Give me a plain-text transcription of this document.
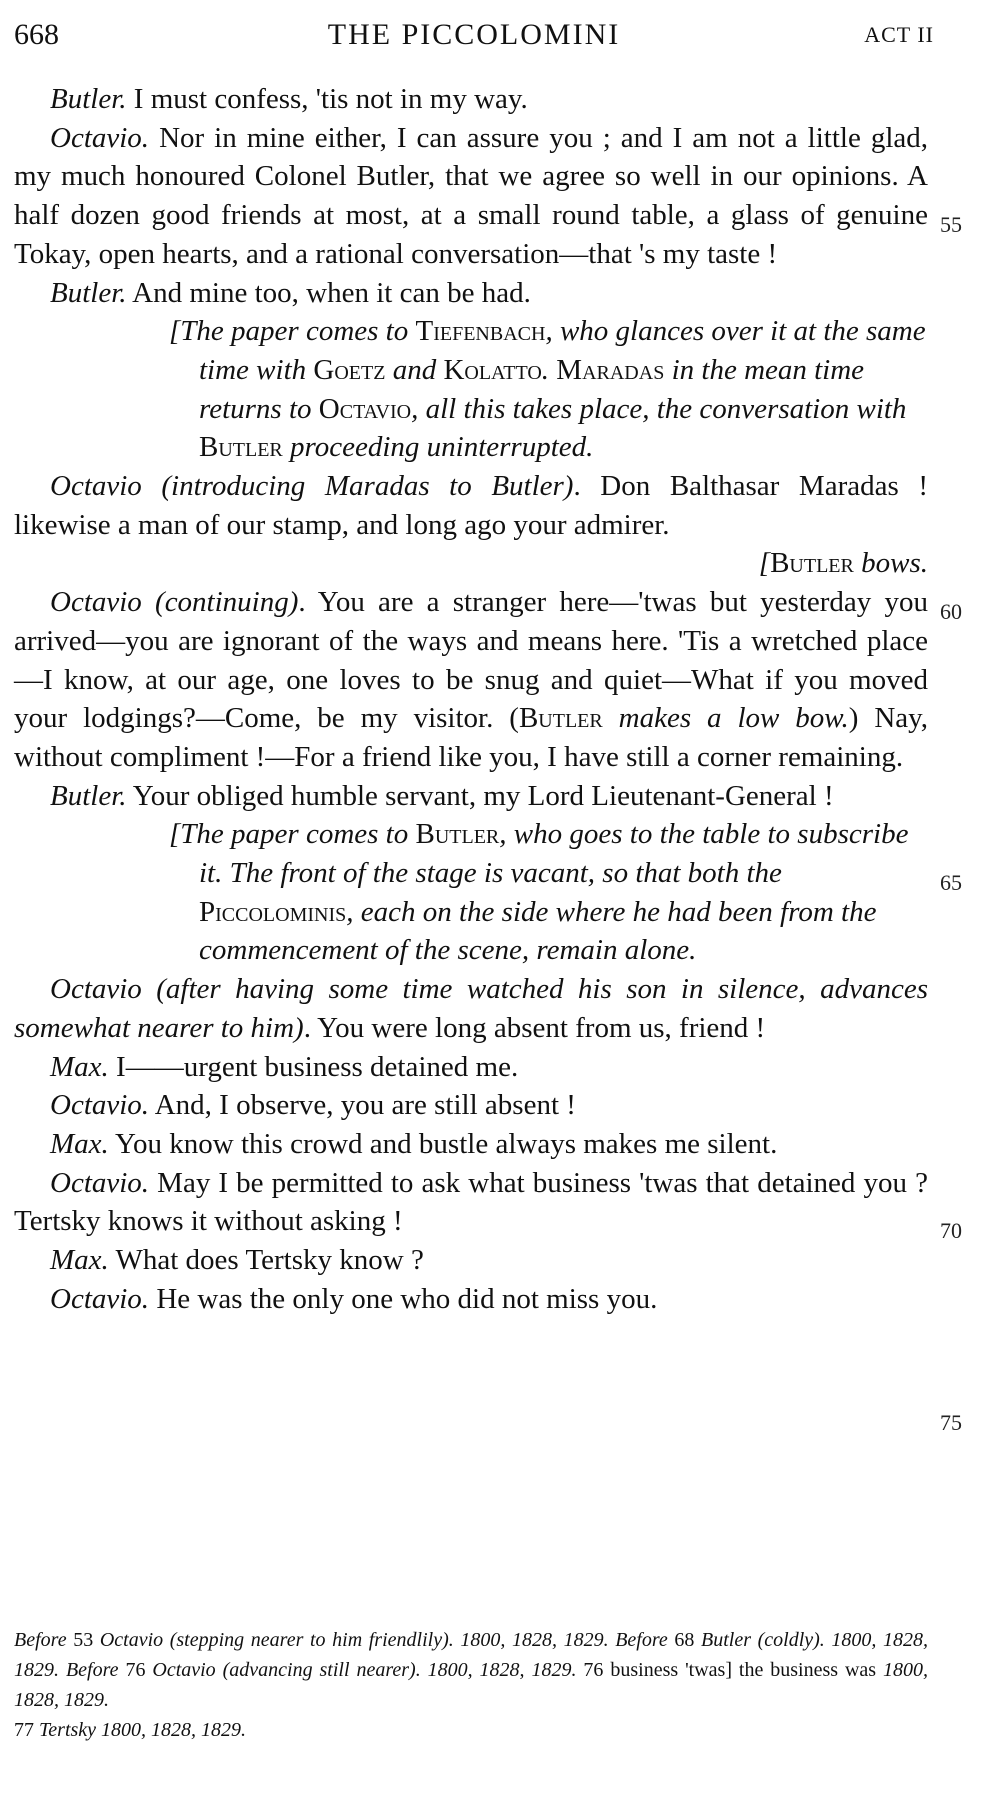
668	THE PICCOLOMINI	ACT II

Butler. I must confess, 'tis not in my way.

Octavio. Nor in mine either, I can assure you ; and I am not a little glad, my much honoured Colonel Butler, that we agree so well in our opinions. A half dozen good friends at most, at a small round table, a glass of genuine Tokay, open hearts, and a rational conversation—that 's my taste !

Butler. And mine too, when it can be had.

[The paper comes to Tiefenbach, who glances over it at the same time with Goetz and Kolatto. Maradas in the mean time returns to Octavio, all this takes place, the conversation with Butler proceeding uninterrupted.

Octavio (introducing Maradas to Butler). Don Balthasar Maradas ! likewise a man of our stamp, and long ago your admirer.

[Butler bows.

Octavio (continuing). You are a stranger here—'twas but yesterday you arrived—you are ignorant of the ways and means here. 'Tis a wretched place—I know, at our age, one loves to be snug and quiet—What if you moved your lodgings?—Come, be my visitor. (Butler makes a low bow.) Nay, without compliment !—For a friend like you, I have still a corner remaining.

Butler. Your obliged humble servant, my Lord Lieutenant-General !

[The paper comes to Butler, who goes to the table to subscribe it. The front of the stage is vacant, so that both the Piccolominis, each on the side where he had been from the commencement of the scene, remain alone.

Octavio (after having some time watched his son in silence, advances somewhat nearer to him). You were long absent from us, friend !

Max. I——urgent business detained me.

Octavio. And, I observe, you are still absent !

Max. You know this crowd and bustle always makes me silent.

Octavio. May I be permitted to ask what business 'twas that detained you ? Tertsky knows it without asking !

Max. What does Tertsky know ?

Octavio. He was the only one who did not miss you.

55
60
65
70
75

Before 53 Octavio (stepping nearer to him friendlily). 1800, 1828, 1829. Before 68 Butler (coldly). 1800, 1828, 1829. Before 76 Octavio (advancing still nearer). 1800, 1828, 1829. 76 business 'twas] the business was 1800, 1828, 1829.
77 Tertsky 1800, 1828, 1829.
